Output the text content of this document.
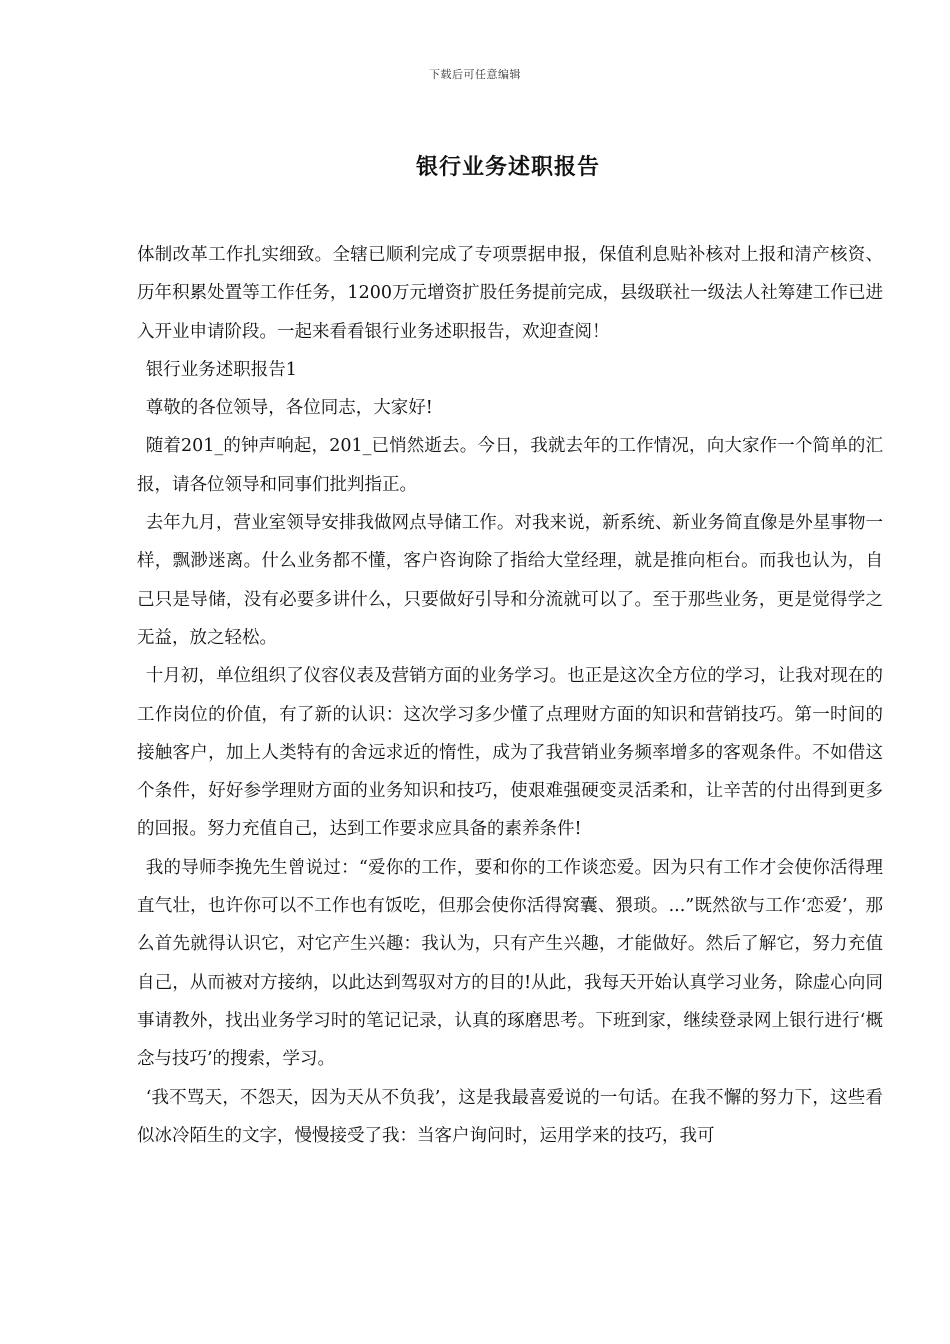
下载后可任意编辑
银行业务述职报告

体制改革工作扎实细致。全辖已顺利完成了专项票据申报，保值利息贴补核对上报和清产核资、历年积累处置等工作任务，1200万元增资扩股任务提前完成，县级联社一级法人社筹建工作已进入开业申请阶段。一起来看看银行业务述职报告，欢迎查阅！

银行业务述职报告1

尊敬的各位领导，各位同志，大家好!

随着201_的钟声响起，201_已悄然逝去。今日，我就去年的工作情况，向大家作一个简单的汇报，请各位领导和同事们批判指正。

去年九月，营业室领导安排我做网点导储工作。对我来说，新系统、新业务简直像是外星事物一样，飘渺迷离。什么业务都不懂，客户咨询除了指给大堂经理，就是推向柜台。而我也认为，自己只是导储，没有必要多讲什么，只要做好引导和分流就可以了。至于那些业务，更是觉得学之无益，放之轻松。

十月初，单位组织了仪容仪表及营销方面的业务学习。也正是这次全方位的学习，让我对现在的工作岗位的价值，有了新的认识：这次学习多少懂了点理财方面的知识和营销技巧。第一时间的接触客户，加上人类特有的舍远求近的惰性，成为了我营销业务频率增多的客观条件。不如借这个条件，好好参学理财方面的业务知识和技巧，使艰难强硬变灵活柔和，让辛苦的付出得到更多的回报。努力充值自己，达到工作要求应具备的素养条件!

我的导师李挽先生曾说过：“爱你的工作，要和你的工作谈恋爱。因为只有工作才会使你活得理直气壮，也许你可以不工作也有饭吃，但那会使你活得窝囊、猥琐。...”既然欲与工作‘恋爱’，那么首先就得认识它，对它产生兴趣：我认为，只有产生兴趣，才能做好。然后了解它，努力充值自己，从而被对方接纳，以此达到驾驭对方的目的!从此，我每天开始认真学习业务，除虚心向同事请教外，找出业务学习时的笔记记录，认真的琢磨思考。下班到家，继续登录网上银行进行‘概念与技巧’的搜索，学习。

‘我不骂天，不怨天，因为天从不负我’，这是我最喜爱说的一句话。在我不懈的努力下，这些看似冰冷陌生的文字，慢慢接受了我：当客户询问时，运用学来的技巧，我可
